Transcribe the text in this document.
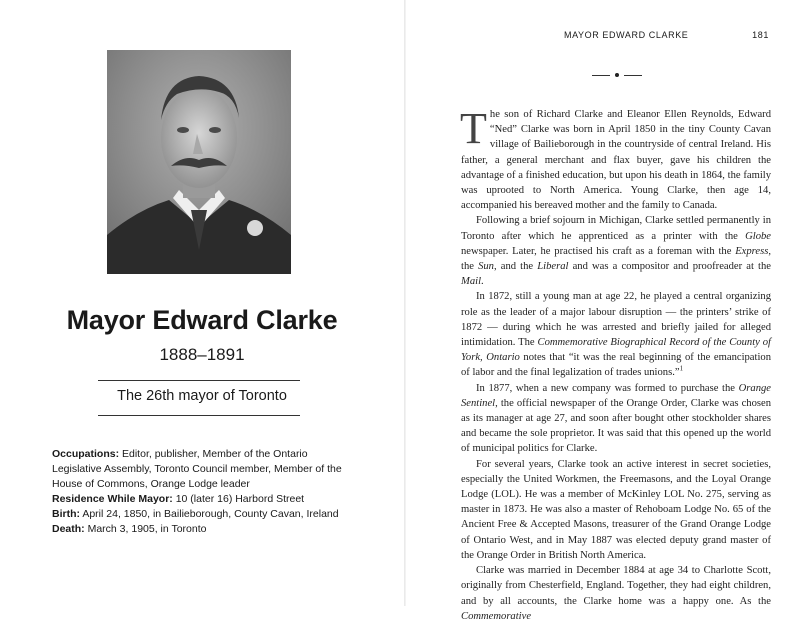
Mayor Edward Clarke
1888–1891
The 26th mayor of Toronto

Occupations: Editor, publisher, Member of the Ontario Legislative Assembly, Toronto Council member, Member of the House of Commons, Orange Lodge leader

Residence While Mayor: 10 (later 16) Harbord Street

Birth: April 24, 1850, in Bailieborough, County Cavan, Ireland

Death: March 3, 1905, in Toronto

MAYOR EDWARD CLARKE	181

The son of Richard Clarke and Eleanor Ellen Reynolds, Edward “Ned” Clarke was born in April 1850 in the tiny County Cavan village of Bailieborough in the countryside of central Ireland. His father, a general merchant and flax buyer, gave his children the advantage of a finished education, but upon his death in 1864, the family was uprooted to North America. Young Clarke, then age 14, accompanied his bereaved mother and the family to Canada.

Following a brief sojourn in Michigan, Clarke settled permanently in Toronto after which he apprenticed as a printer with the Globe newspaper. Later, he practised his craft as a foreman with the Express, the Sun, and the Liberal and was a compositor and proofreader at the Mail.

In 1872, still a young man at age 22, he played a central organizing role as the leader of a major labour disruption — the printers’ strike of 1872 — during which he was arrested and briefly jailed for alleged intimidation. The Commemorative Biographical Record of the County of York, Ontario notes that “it was the real beginning of the emancipation of labor and the final legalization of trades unions.”$^1$

In 1877, when a new company was formed to purchase the Orange Sentinel, the official newspaper of the Orange Order, Clarke was chosen as its manager at age 27, and soon after bought other stockholder shares and became the sole proprietor. It was said that this opened up the world of municipal politics for Clarke.

For several years, Clarke took an active interest in secret societies, especially the United Workmen, the Freemasons, and the Loyal Orange Lodge (LOL). He was a member of McKinley LOL No. 275, serving as master in 1873. He was also a master of Rehoboam Lodge No. 65 of the Ancient Free & Accepted Masons, treasurer of the Grand Orange Lodge of Ontario West, and in May 1887 was elected deputy grand master of the Orange Order in British North America.

Clarke was married in December 1884 at age 34 to Charlotte Scott, originally from Chesterfield, England. Together, they had eight children, and by all accounts, the Clarke home was a happy one. As the Commemorative
